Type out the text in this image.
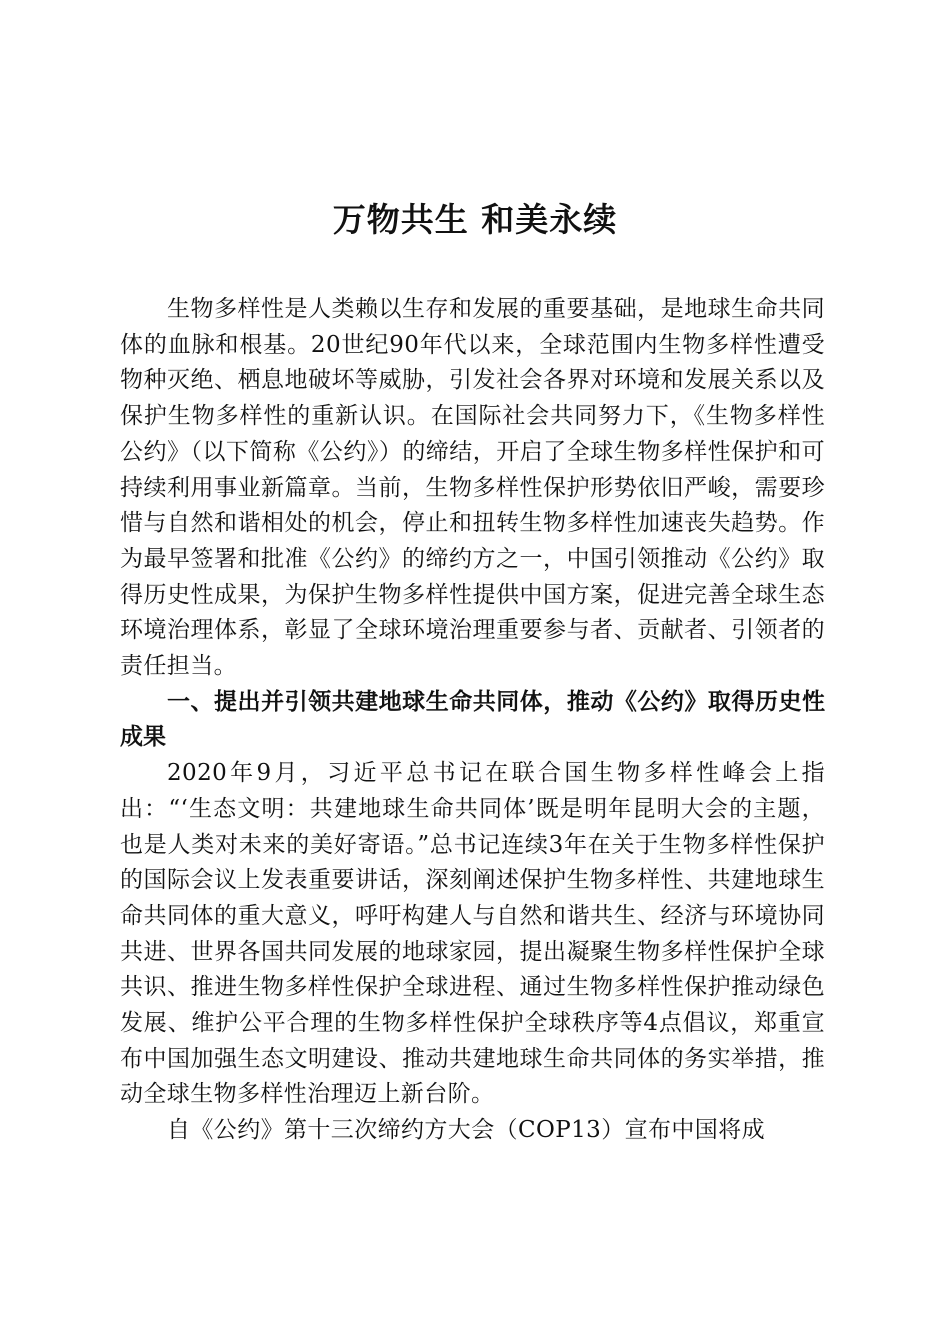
万物共生 和美永续

生物多样性是人类赖以生存和发展的重要基础，是地球生命共同体的血脉和根基。20世纪90年代以来，全球范围内生物多样性遭受物种灭绝、栖息地破坏等威胁，引发社会各界对环境和发展关系以及保护生物多样性的重新认识。在国际社会共同努力下，《生物多样性公约》（以下简称《公约》）的缔结，开启了全球生物多样性保护和可持续利用事业新篇章。当前，生物多样性保护形势依旧严峻，需要珍惜与自然和谐相处的机会，停止和扭转生物多样性加速丧失趋势。作为最早签署和批准《公约》的缔约方之一，中国引领推动《公约》取得历史性成果，为保护生物多样性提供中国方案，促进完善全球生态环境治理体系，彰显了全球环境治理重要参与者、贡献者、引领者的责任担当。

一、提出并引领共建地球生命共同体，推动《公约》取得历史性成果

2020年9月，习近平总书记在联合国生物多样性峰会上指出：“‘生态文明：共建地球生命共同体’既是明年昆明大会的主题，也是人类对未来的美好寄语。”总书记连续3年在关于生物多样性保护的国际会议上发表重要讲话，深刻阐述保护生物多样性、共建地球生命共同体的重大意义，呼吁构建人与自然和谐共生、经济与环境协同共进、世界各国共同发展的地球家园，提出凝聚生物多样性保护全球共识、推进生物多样性保护全球进程、通过生物多样性保护推动绿色发展、维护公平合理的生物多样性保护全球秩序等4点倡议，郑重宣布中国加强生态文明建设、推动共建地球生命共同体的务实举措，推动全球生物多样性治理迈上新台阶。

自《公约》第十三次缔约方大会（COP13）宣布中国将成
